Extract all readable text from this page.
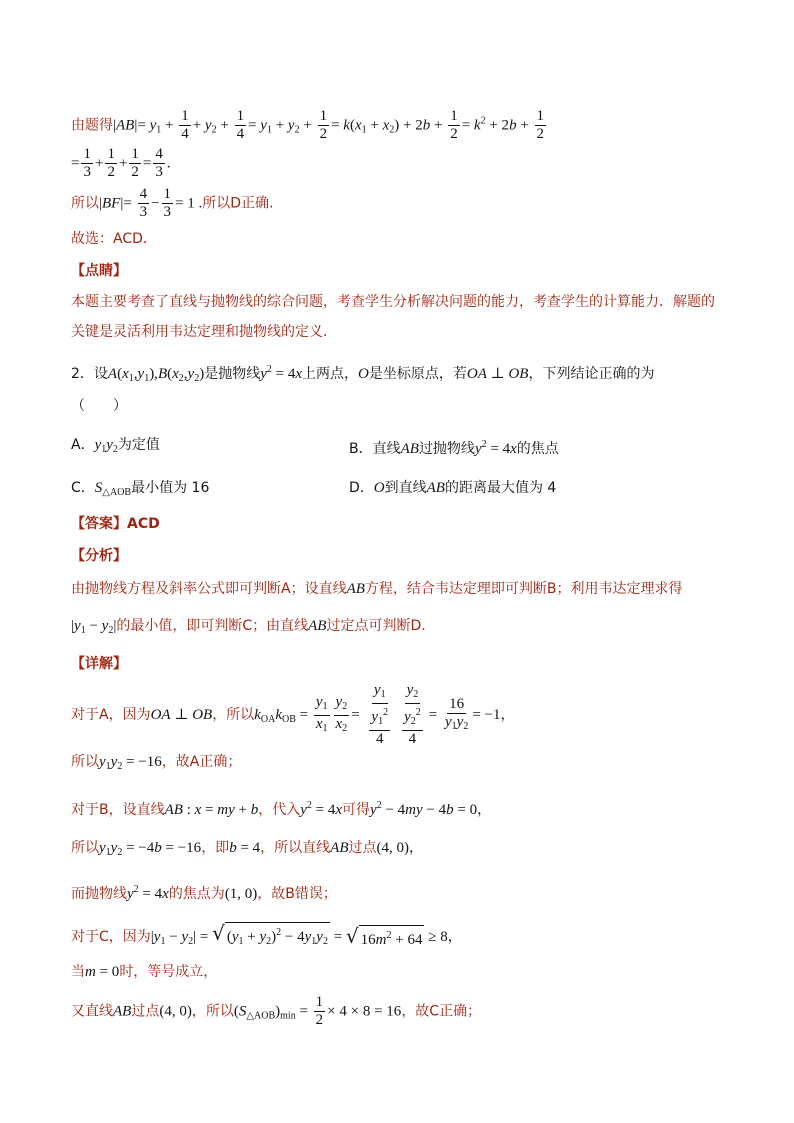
由题得$|AB|= y_1 + \frac{1}{4} + y_2 + \frac{1}{4} = y_1 + y_2 + \frac{1}{2} = k(x_1 + x_2) + 2b + \frac{1}{2} = k^2 + 2b + \frac{1}{2}$
= $\frac{1}{3} + \frac{1}{2} + \frac{1}{2} = \frac{4}{3}$ .
所以$|BF|= \frac{4}{3} - \frac{1}{3} = 1$ .所以D正确.
故选：ACD．
【点睛】
本题主要考查了直线与抛物线的综合问题，考查学生分析解决问题的能力，考查学生的计算能力．解题的
关键是灵活利用韦达定理和抛物线的定义.
2．设$A(x_1,y_1),B(x_2,y_2)$是抛物线$y^2 = 4x$上两点，O是坐标原点，若OA ⊥ OB，下列结论正确的为
（　　）
A．$y_1y_2$为定值	B．直线AB过抛物线$y^2 = 4x$的焦点
C．$S_{\triangle AOB}$最小值为 16	D．O到直线AB的距离最大值为 4
【答案】ACD
【分析】
由抛物线方程及斜率公式即可判断A；设直线AB方程，结合韦达定理即可判断B；利用韦达定理求得
$|y_1 - y_2|$的最小值，即可判断C；由直线AB过定点可判断D.
【详解】
对于A，因为OA ⊥ OB，所以$k_{OA}k_{OB} = \frac{y_1}{x_1} \frac{y_2}{x_2} = \frac{y_1}{\frac{y_1^2}{4}} \frac{y_2}{\frac{y_2^2}{4}} = \frac{16}{y_1y_2} = -1$，
所以$y_1y_2 = -16$，故A正确；
对于B，设直线AB : x = my + b，代入$y^2 = 4x$可得$y^2 - 4my - 4b = 0$，
所以$y_1y_2 = -4b = -16$，即b = 4，所以直线AB过点(4, 0)，
而抛物线$y^2 = 4x$的焦点为(1, 0)，故B错误；
对于C，因为$|y_1 - y_2|$ = √ $(y_1 + y_2)^2 - 4y_1y_2$ = √ $16m^2 + 64 \ge 8$，
当m = 0时，等号成立，
又直线AB过点(4, 0)，所以$(S_{\triangle AOB})_{min} = \frac{1}{2} \times 4 \times 8 = 16$，故C正确；
